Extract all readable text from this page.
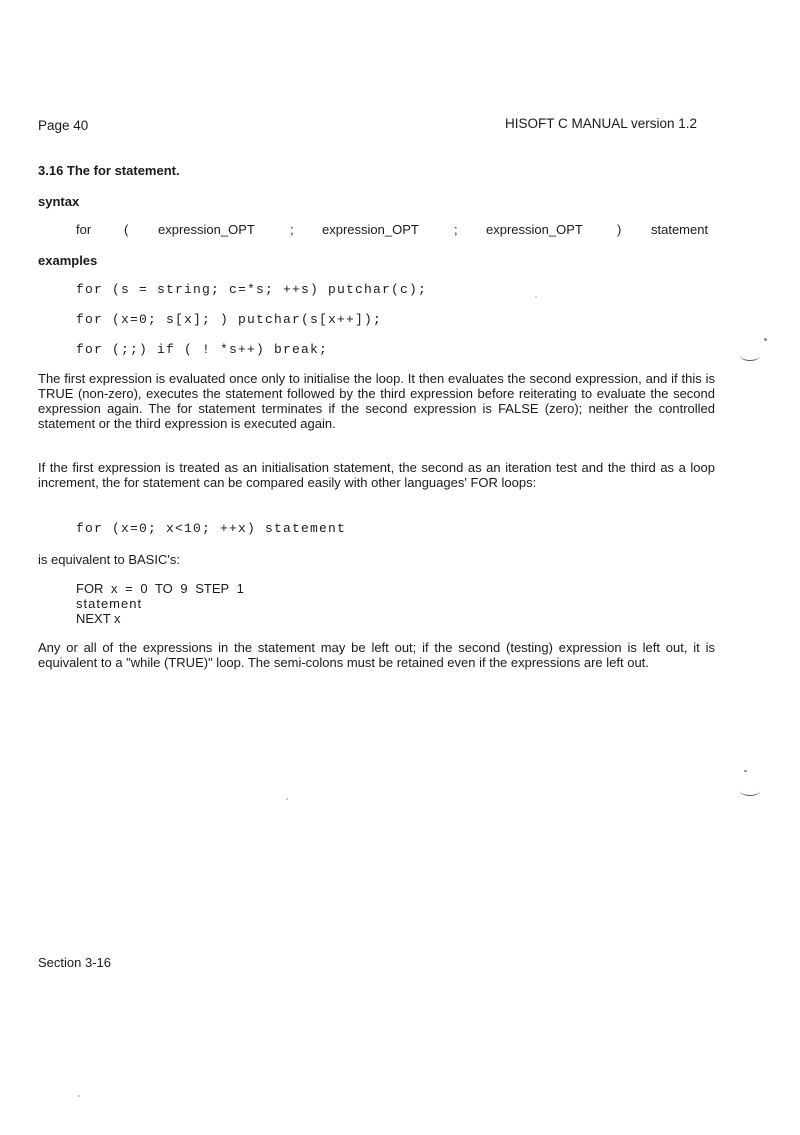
Page 40	HISOFT C MANUAL version 1.2
3.16 The for statement.
syntax
for	( expression_OPT	; expression_OPT	; expression_OPT	) statement
examples
for (s = string; c=*s; ++s) putchar(c);
for (x=0; s[x]; ) putchar(s[x++]);
for (;;) if ( ! *s++) break;
The first expression is evaluated once only to initialise the loop. It then evaluates the second expression, and if this is TRUE (non-zero), executes the statement followed by the third expression before reiterating to evaluate the second expression again. The for statement terminates if the second expression is FALSE (zero); neither the controlled statement or the third expression is executed again.
If the first expression is treated as an initialisation statement, the second as an iteration test and the third as a loop increment, the for statement can be compared easily with other languages' FOR loops:
for (x=0; x<10; ++x) statement
is equivalent to BASIC's:
FOR x = 0 TO 9 STEP 1
statement
NEXT x
Any or all of the expressions in the statement may be left out; if the second (testing) expression is left out, it is equivalent to a "while (TRUE)" loop. The semi-colons must be retained even if the expressions are left out.
Section 3-16
